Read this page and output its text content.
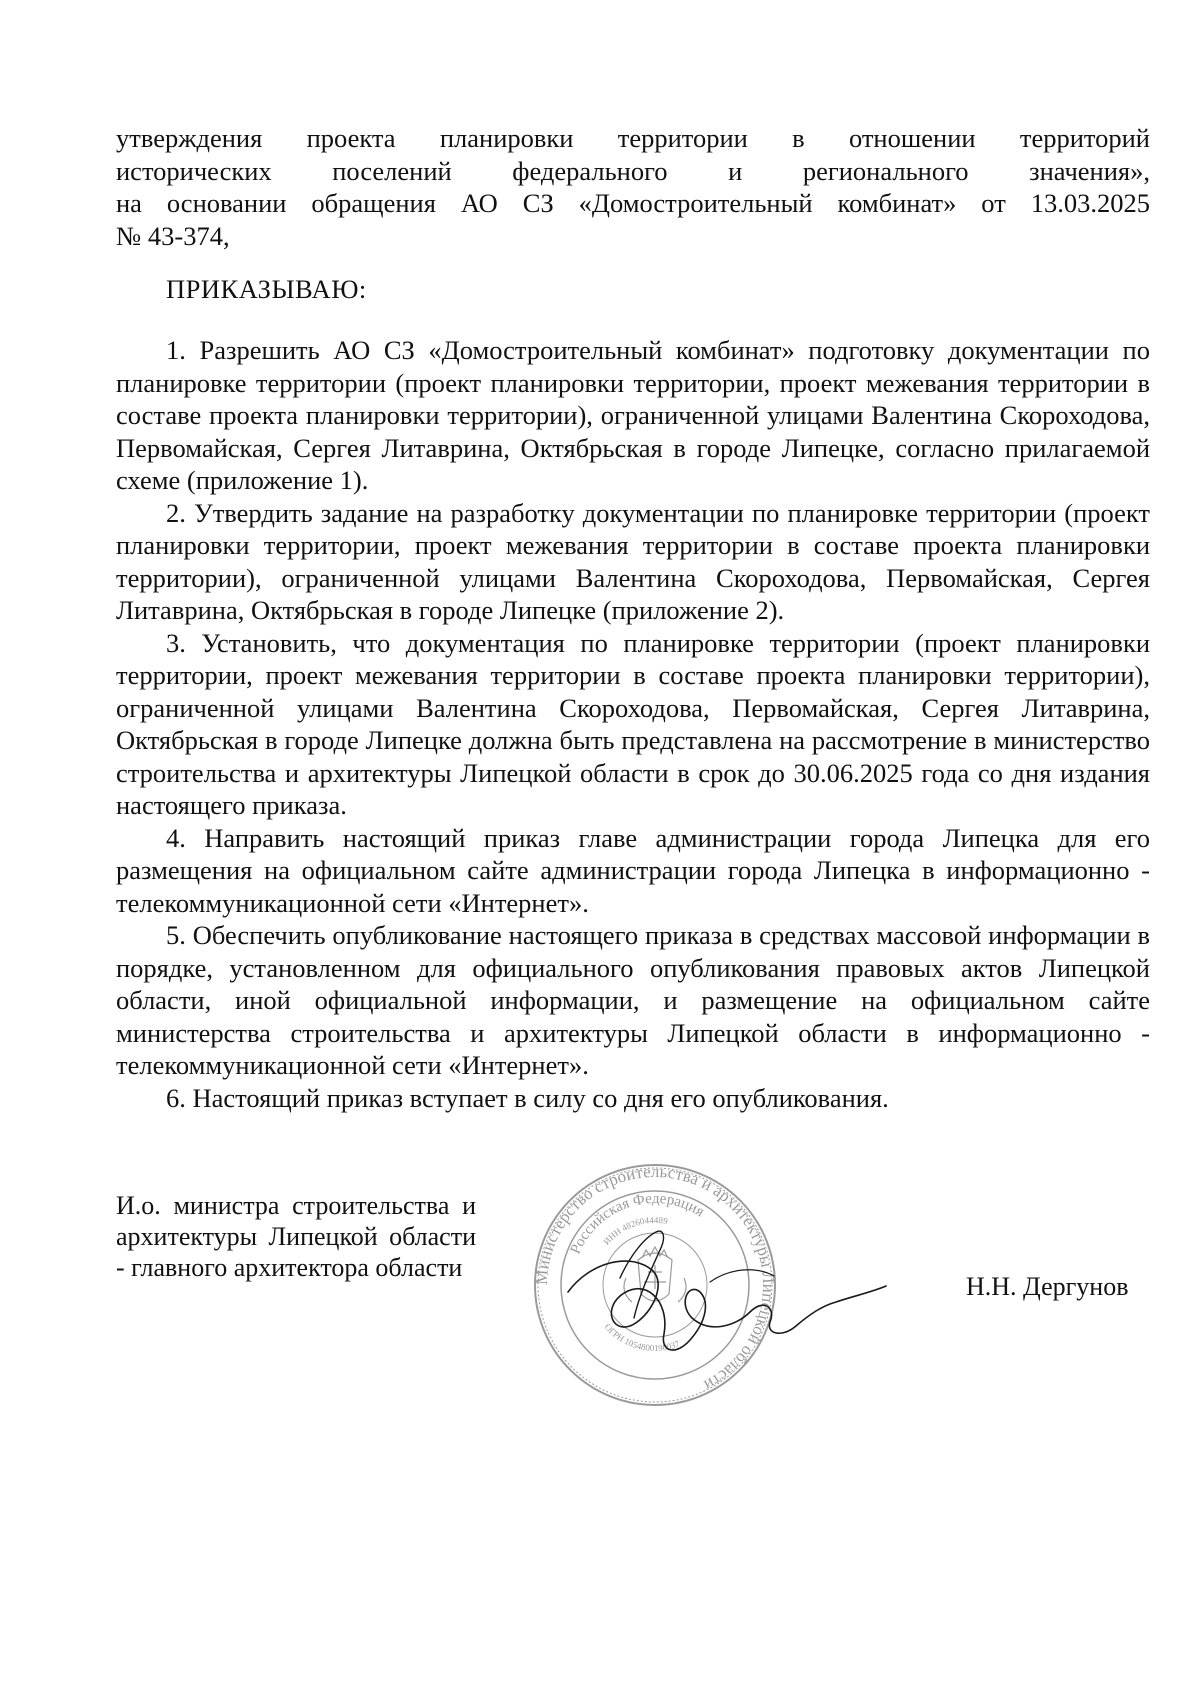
утверждения проекта планировки территории в отношении территорий
исторических поселений федерального и регионального значения»,
на основании обращения АО СЗ «Домостроительный комбинат» от 13.03.2025
№ 43-374,
ПРИКАЗЫВАЮ:

1. Разрешить АО СЗ «Домостроительный комбинат» подготовку документации по планировке территории (проект планировки территории, проект межевания территории в составе проекта планировки территории), ограниченной улицами Валентина Скороходова, Первомайская, Сергея Литаврина, Октябрьская в городе Липецке, согласно прилагаемой схеме (приложение 1).

2. Утвердить задание на разработку документации по планировке территории (проект планировки территории, проект межевания территории в составе проекта планировки территории), ограниченной улицами Валентина Скороходова, Первомайская, Сергея Литаврина, Октябрьская в городе Липецке (приложение 2).

3. Установить, что документация по планировке территории (проект планировки территории, проект межевания территории в составе проекта планировки территории), ограниченной улицами Валентина Скороходова, Первомайская, Сергея Литаврина, Октябрьская в городе Липецке должна быть представлена на рассмотрение в министерство строительства и архитектуры Липецкой области в срок до 30.06.2025 года со дня издания настоящего приказа.

4. Направить настоящий приказ главе администрации города Липецка для его размещения на официальном сайте администрации города Липецка в информационно - телекоммуникационной сети «Интернет».

5. Обеспечить опубликование настоящего приказа в средствах массовой информации в порядке, установленном для официального опубликования правовых актов Липецкой области, иной официальной информации, и размещение на официальном сайте министерства строительства и архитектуры Липецкой области в информационно - телекоммуникационной сети «Интернет».

6. Настоящий приказ вступает в силу со дня его опубликования.

И.о. министра строительства и архитектуры Липецкой области - главного архитектора области	Министерство строительства и архитектуры Липецкой области
Российская Федерация
ИНН 4826044489
ОГРН 1054800190037
Н.Н. Дергунов
